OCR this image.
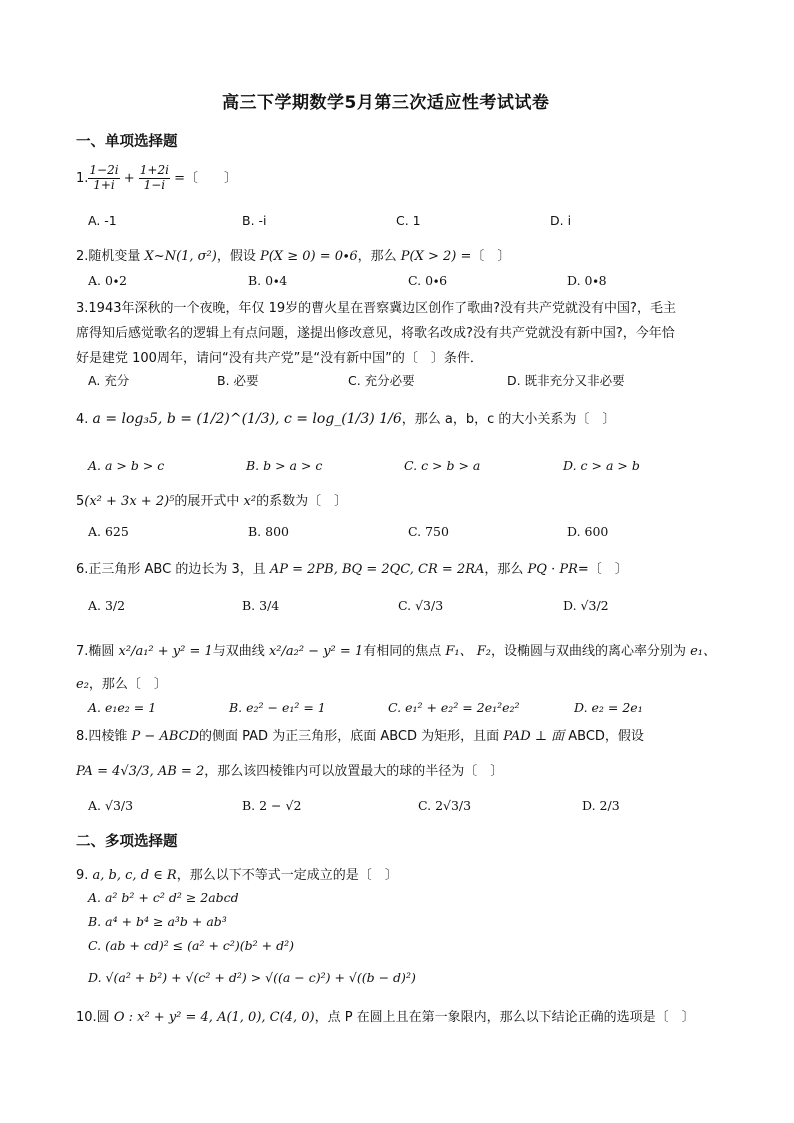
高三下学期数学5月第三次适应性考试试卷
一、单项选择题
1. $\frac{1-2i}{1+i} + \frac{1+2i}{1-i}$ =〔　　〕
A. -1	B. -i	C. 1	D. i
2.随机变量 X~N(1, σ²)，假设 P(X ≥ 0) = 0∙6，那么 P(X > 2) =〔　〕
A. 0∙2	B. 0∙4	C. 0∙6	D. 0∙8
3.1943年深秋的一个夜晚，年仅 19岁的曹火星在晋察冀边区创作了歌曲?没有共产党就没有中国?，毛主
席得知后感觉歌名的逻辑上有点问题，遂提出修改意见，将歌名改成?没有共产党就没有新中国?，今年恰
好是建党 100周年，请问“没有共产党”是“没有新中国”的〔　〕条件．
A. 充分	B. 必要	C. 充分必要	D. 既非充分又非必要
4. a = log₃5, b = (1/2)^(1/3), c = log_(1/3) 1/6，那么 a，b，c 的大小关系为〔　〕
A. a > b > c	B. b > a > c	C. c > b > a	D. c > a > b
5(x² + 3x + 2)⁵的展开式中 x²的系数为〔　〕
A. 625	B. 800	C. 750	D. 600
6.正三角形 ABC 的边长为 3，且 AP = 2PB, BQ = 2QC, CR = 2RA，那么 PQ · PR=〔　〕
A. 3/2	B. 3/4	C. √3/3	D. √3/2
7.椭圆 x²/a₁² + y² = 1与双曲线 x²/a₂² − y² = 1有相同的焦点 F₁、 F₂，设椭圆与双曲线的离心率分别为 e₁、
e₂，那么〔　〕
A. e₁e₂ = 1	B. e₂² − e₁² = 1	C. e₁² + e₂² = 2e₁²e₂²	D. e₂ = 2e₁
8.四棱锥 P − ABCD的侧面 PAD 为正三角形，底面 ABCD 为矩形，且面 PAD ⊥ 面 ABCD，假设
PA = 4√3/3, AB = 2，那么该四棱锥内可以放置最大的球的半径为〔　〕
A. √3/3	B. 2 − √2	C. 2√3/3	D. 2/3
二、多项选择题
9. a, b, c, d ∈ R，那么以下不等式一定成立的是〔　〕
A. a² b² + c² d² ≥ 2abcd
B. a⁴ + b⁴ ≥ a³b + ab³
C. (ab + cd)² ≤ (a² + c²)(b² + d²)
D. √(a² + b²) + √(c² + d²) > √((a − c)²) + √((b − d)²)
10.圆 O : x² + y² = 4, A(1, 0), C(4, 0)，点 P 在圆上且在第一象限内，那么以下结论正确的选项是〔　〕
